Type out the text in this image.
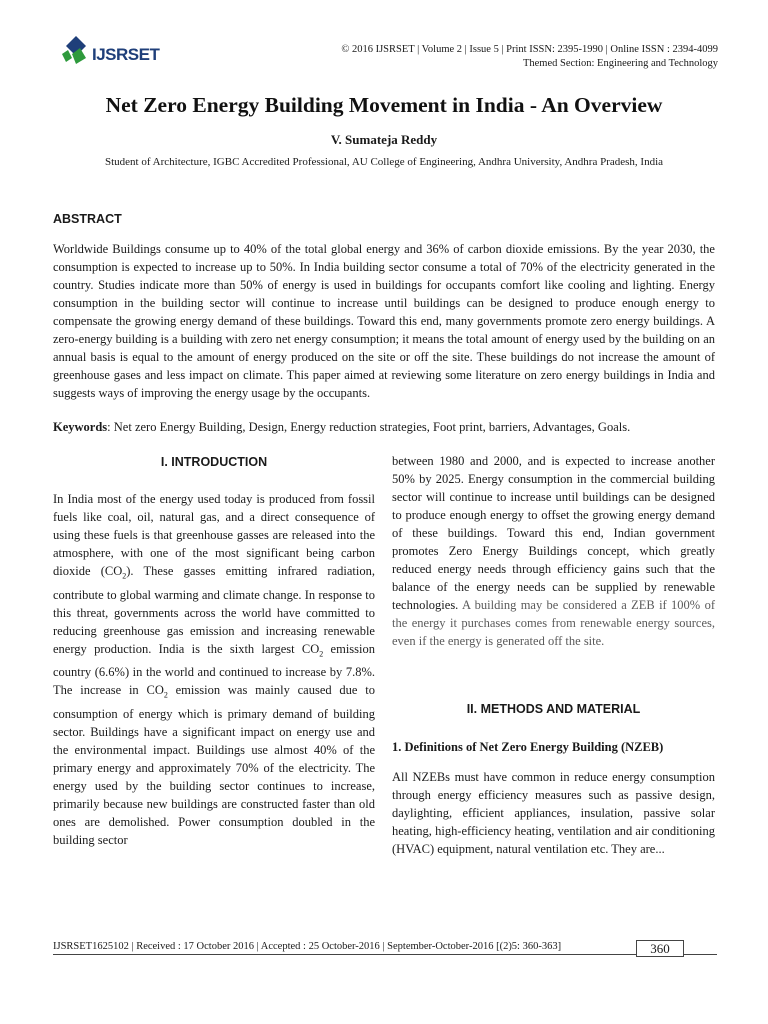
IJSRSET	© 2016 IJSRSET | Volume 2 | Issue 5 | Print ISSN: 2395-1990 | Online ISSN : 2394-4099
Themed Section: Engineering and Technology
Net Zero Energy Building Movement in India - An Overview
V. Sumateja Reddy
Student of Architecture, IGBC Accredited Professional, AU College of Engineering, Andhra University, Andhra Pradesh, India
ABSTRACT

Worldwide Buildings consume up to 40% of the total global energy and 36% of carbon dioxide emissions. By the year 2030, the consumption is expected to increase up to 50%. In India building sector consume a total of 70% of the electricity generated in the country. Studies indicate more than 50% of energy is used in buildings for occupants comfort like cooling and lighting. Energy consumption in the building sector will continue to increase until buildings can be designed to produce enough energy to compensate the growing energy demand of these buildings. Toward this end, many governments promote zero energy buildings. A zero-energy building is a building with zero net energy consumption; it means the total amount of energy used by the building on an annual basis is equal to the amount of energy produced on the site or off the site. These buildings do not increase the amount of greenhouse gases and less impact on climate. This paper aimed at reviewing some literature on zero energy buildings in India and suggests ways of improving the energy usage by the occupants.

Keywords: Net zero Energy Building, Design, Energy reduction strategies, Foot print, barriers, Advantages, Goals.

I. INTRODUCTION

In India most of the energy used today is produced from fossil fuels like coal, oil, natural gas, and a direct consequence of using these fuels is that greenhouse gasses are released into the atmosphere, with one of the most significant being carbon dioxide $(CO_2)$. These gasses emitting infrared radiation, contribute to global warming and climate change. In response to this threat, governments across the world have committed to reducing greenhouse gas emission and increasing renewable energy production. India is the sixth largest $CO_2$ emission country (6.6%) in the world and continued to increase by 7.8%. The increase in $CO_2$ emission was mainly caused due to consumption of energy which is primary demand of building sector. Buildings have a significant impact on energy use and the environmental impact. Buildings use almost 40% of the primary energy and approximately 70% of the electricity. The energy used by the building sector continues to increase, primarily because new buildings are constructed faster than old ones are demolished. Power consumption doubled in the building sector

between 1980 and 2000, and is expected to increase another 50% by 2025. Energy consumption in the commercial building sector will continue to increase until buildings can be designed to produce enough energy to offset the growing energy demand of these buildings. Toward this end, Indian government promotes Zero Energy Buildings concept, which greatly reduced energy needs through efficiency gains such that the balance of the energy needs can be supplied by renewable technologies. A building may be considered a ZEB if 100% of the energy it purchases comes from renewable energy sources, even if the energy is generated off the site.

II. METHODS AND MATERIAL
1. Definitions of Net Zero Energy Building (NZEB)

All NZEBs must have common in reduce energy consumption through energy efficiency measures such as passive design, daylighting, efficient appliances, insulation, passive solar heating, high-efficiency heating, ventilation and air conditioning (HVAC) equipment, natural ventilation etc. They are...

IJSRSET1625102 | Received : 17 October 2016 | Accepted : 25 October-2016 | September-October-2016 [(2)5: 360-363]	360
